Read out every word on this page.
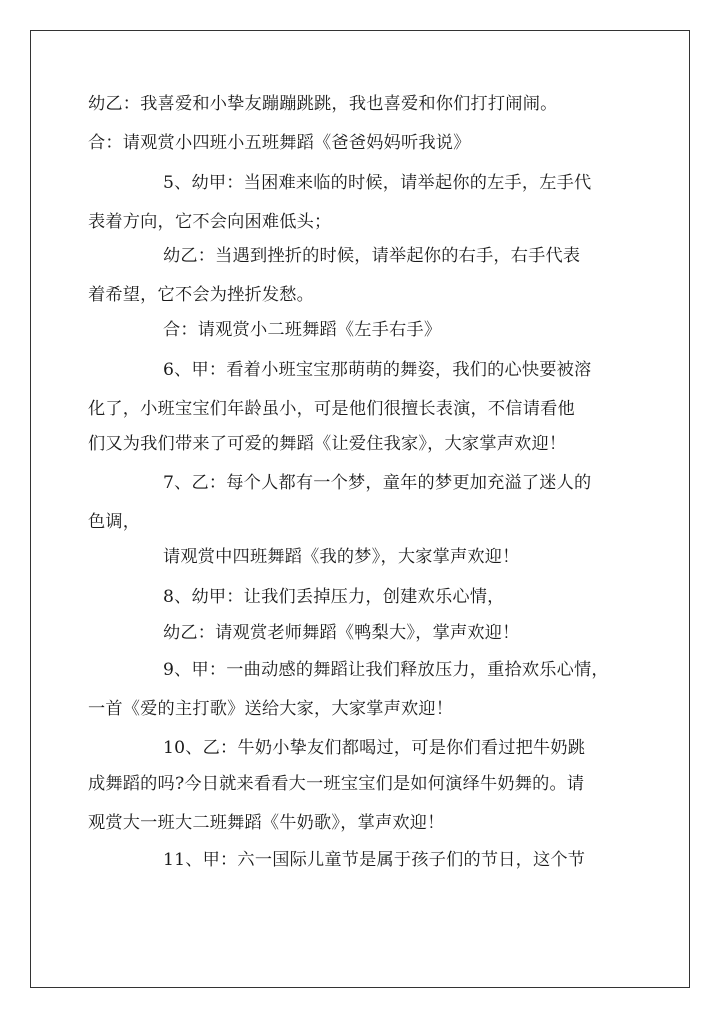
幼乙：我喜爱和小挚友蹦蹦跳跳，我也喜爱和你们打打闹闹。
合：请观赏小四班小五班舞蹈《爸爸妈妈听我说》
5、幼甲：当困难来临的时候，请举起你的左手，左手代
表着方向，它不会向困难低头；
幼乙：当遇到挫折的时候，请举起你的右手，右手代表
着希望，它不会为挫折发愁。
合：请观赏小二班舞蹈《左手右手》
6、甲：看着小班宝宝那萌萌的舞姿，我们的心快要被溶
化了，小班宝宝们年龄虽小，可是他们很擅长表演，不信请看他
们又为我们带来了可爱的舞蹈《让爱住我家》，大家掌声欢迎！
7、乙：每个人都有一个梦，童年的梦更加充溢了迷人的
色调，
请观赏中四班舞蹈《我的梦》，大家掌声欢迎！
8、幼甲：让我们丢掉压力，创建欢乐心情，
幼乙：请观赏老师舞蹈《鸭梨大》，掌声欢迎！
9、甲：一曲动感的舞蹈让我们释放压力，重拾欢乐心情，
一首《爱的主打歌》送给大家，大家掌声欢迎！
10、乙：牛奶小挚友们都喝过，可是你们看过把牛奶跳
成舞蹈的吗?今日就来看看大一班宝宝们是如何演绎牛奶舞的。请
观赏大一班大二班舞蹈《牛奶歌》，掌声欢迎！
11、甲：六一国际儿童节是属于孩子们的节日，这个节
